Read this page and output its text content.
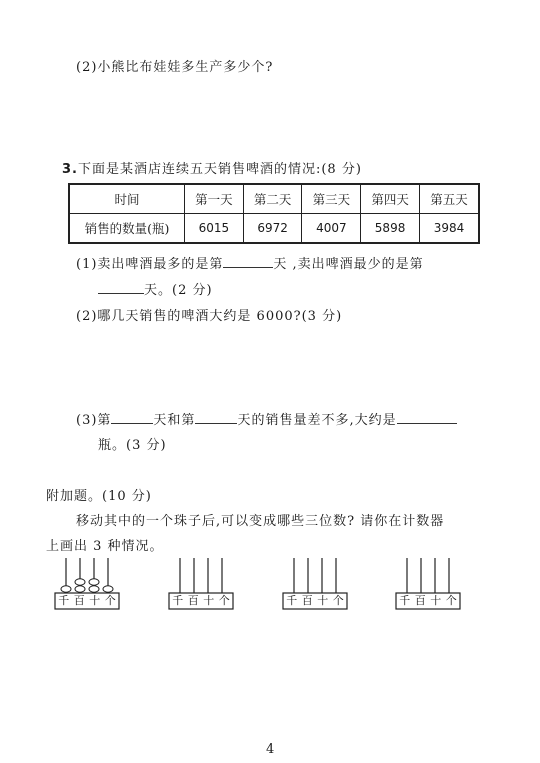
(2)小熊比布娃娃多生产多少个?
3.下面是某酒店连续五天销售啤酒的情况:(8 分)
时间	第一天	第二天	第三天	第四天	第五天
销售的数量(瓶)	6015	6972	4007	5898	3984
(1)卖出啤酒最多的是第	天 ,卖出啤酒最少的是第
天。(2 分)
(2)哪几天销售的啤酒大约是 6000?(3 分)
(3)第	天和第	天的销售量差不多,大约是
瓶。(3 分)
附加题。(10 分)
移动其中的一个珠子后,可以变成哪些三位数? 请你在计数器
上画出 3 种情况。
千 百 十 个	千 百 十 个	千 百 十 个	千 百 十 个
4
